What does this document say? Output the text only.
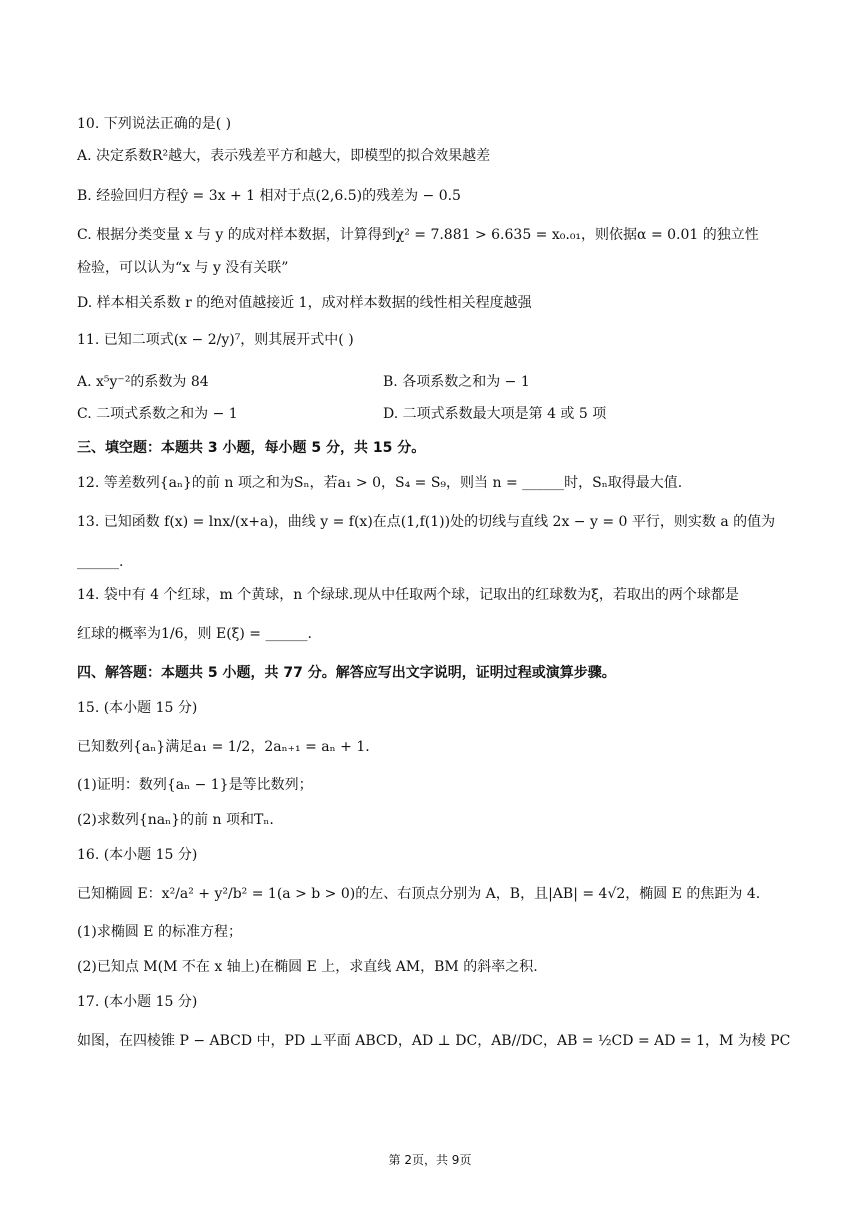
10. 下列说法正确的是( )
A. 决定系数R²越大，表示残差平方和越大，即模型的拟合效果越差
B. 经验回归方程ŷ = 3x + 1 相对于点(2,6.5)的残差为 − 0.5
C. 根据分类变量 x 与 y 的成对样本数据，计算得到χ² = 7.881 > 6.635 = x₀.₀₁，则依据α = 0.01 的独立性
检验，可以认为“x 与 y 没有关联”
D. 样本相关系数 r 的绝对值越接近 1，成对样本数据的线性相关程度越强
11. 已知二项式(x − 2/y)⁷，则其展开式中( )
A. x⁵y⁻²的系数为 84	B. 各项系数之和为 − 1
C. 二项式系数之和为 − 1	D. 二项式系数最大项是第 4 或 5 项
三、填空题：本题共 3 小题，每小题 5 分，共 15 分。
12. 等差数列{aₙ}的前 n 项之和为Sₙ，若a₁ > 0，S₄ = S₉，则当 n = ______时，Sₙ取得最大值.
13. 已知函数 f(x) = lnx/(x+a)，曲线 y = f(x)在点(1,f(1))处的切线与直线 2x − y = 0 平行，则实数 a 的值为
______.
14. 袋中有 4 个红球，m 个黄球，n 个绿球.现从中任取两个球，记取出的红球数为ξ，若取出的两个球都是
红球的概率为1/6，则 E(ξ) = ______.
四、解答题：本题共 5 小题，共 77 分。解答应写出文字说明，证明过程或演算步骤。
15. (本小题 15 分)
已知数列{aₙ}满足a₁ = 1/2，2aₙ₊₁ = aₙ + 1.
(1)证明：数列{aₙ − 1}是等比数列；
(2)求数列{naₙ}的前 n 项和Tₙ.
16. (本小题 15 分)
已知椭圆 E：x²/a² + y²/b² = 1(a > b > 0)的左、右顶点分别为 A，B，且|AB| = 4√2，椭圆 E 的焦距为 4.
(1)求椭圆 E 的标准方程；
(2)已知点 M(M 不在 x 轴上)在椭圆 E 上，求直线 AM，BM 的斜率之积.
17. (本小题 15 分)
如图，在四棱锥 P − ABCD 中，PD ⊥平面 ABCD，AD ⊥ DC，AB//DC，AB = ½CD = AD = 1，M 为棱 PC
第 2页，共 9页
